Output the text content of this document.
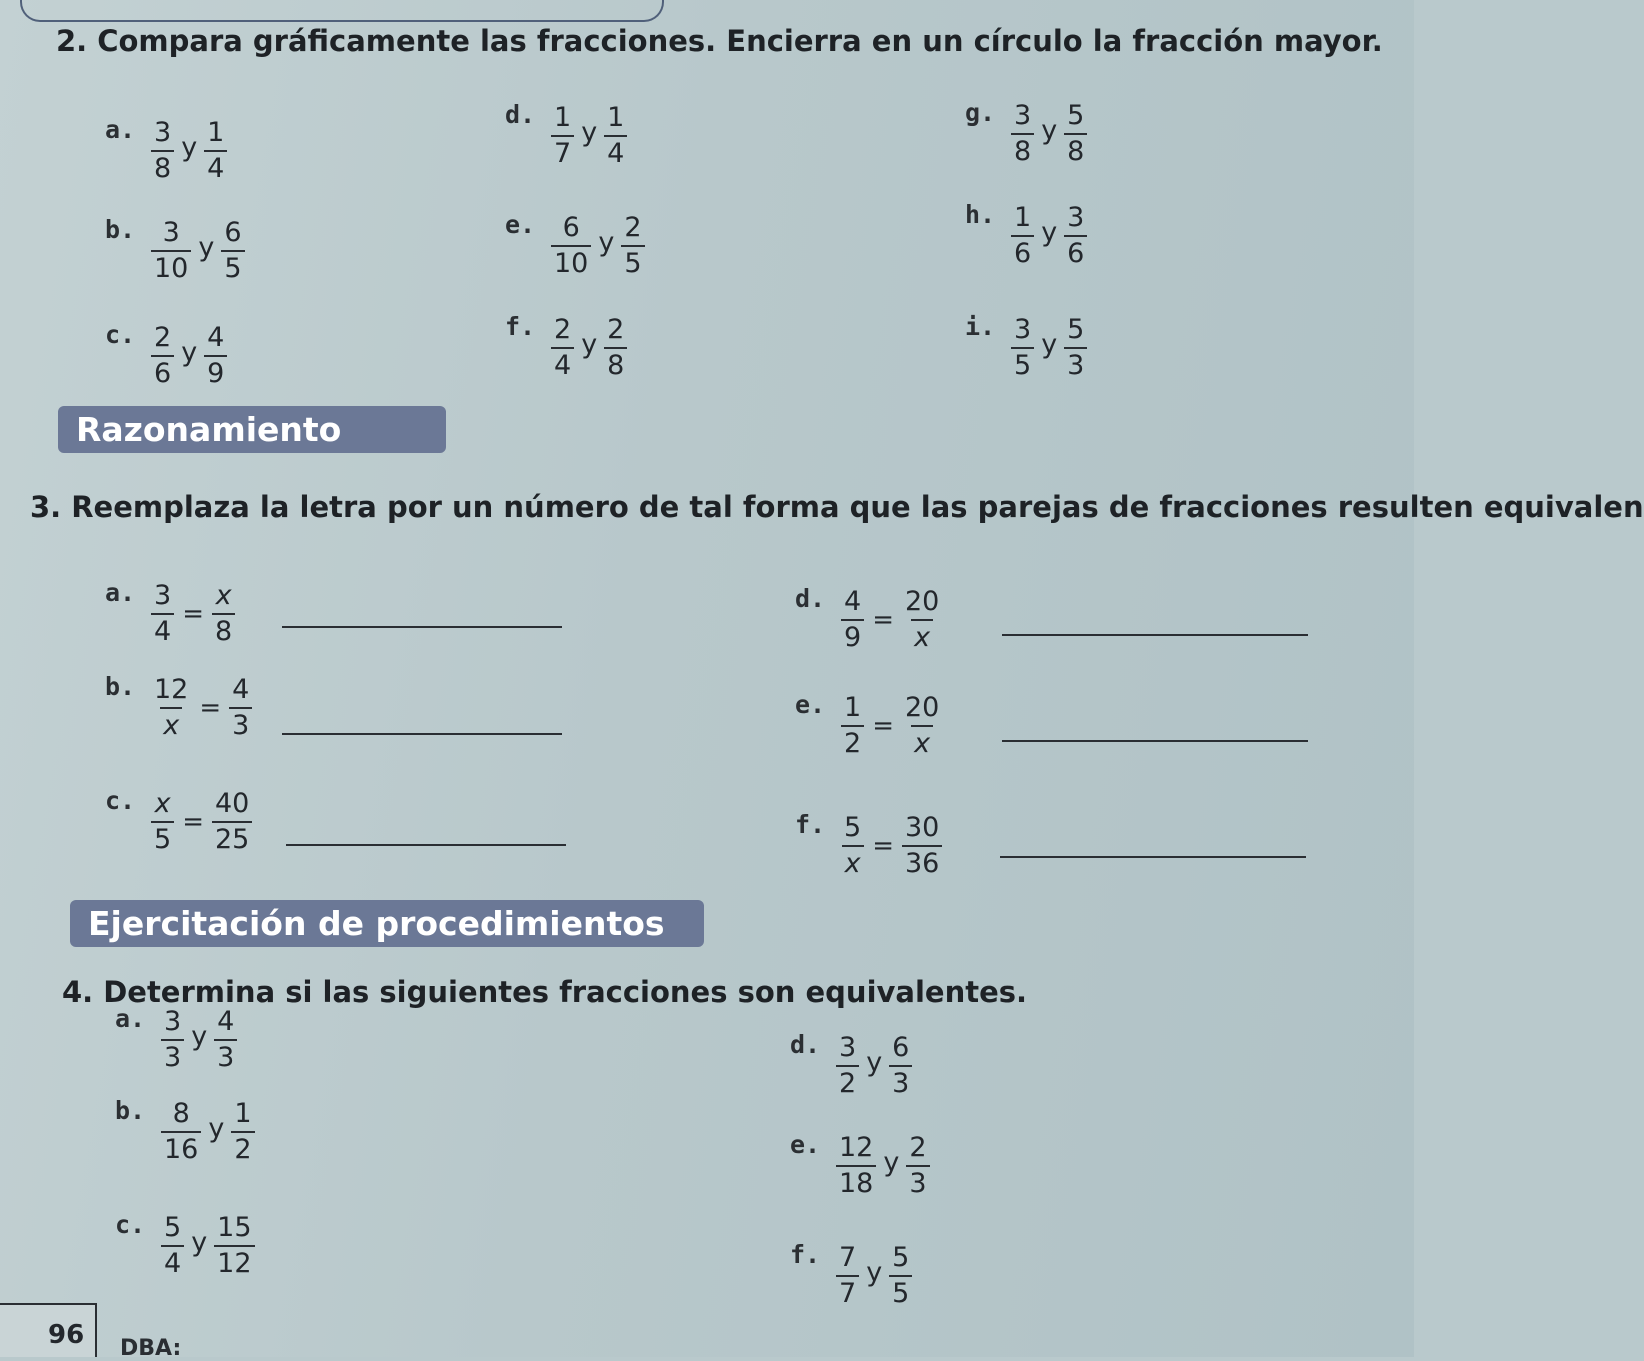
2. Compara gráficamente las fracciones. Encierra en un círculo la fracción mayor.
a. $\frac{3}{8}$ y $\frac{1}{4}$
b. $\frac{3}{10}$ y $\frac{6}{5}$
c. $\frac{2}{6}$ y $\frac{4}{9}$
d. $\frac{1}{7}$ y $\frac{1}{4}$
e. $\frac{6}{10}$ y $\frac{2}{5}$
f. $\frac{2}{4}$ y $\frac{2}{8}$
g. $\frac{3}{8}$ y $\frac{5}{8}$
h. $\frac{1}{6}$ y $\frac{3}{6}$
i. $\frac{3}{5}$ y $\frac{5}{3}$
Razonamiento
3. Reemplaza la letra por un número de tal forma que las parejas de fracciones resulten equivalen
a. $\frac{3}{4} = \frac{x}{8}$
b. $\frac{12}{x} = \frac{4}{3}$
c. $\frac{x}{5} = \frac{40}{25}$
d. $\frac{4}{9} = \frac{20}{x}$
e. $\frac{1}{2} = \frac{20}{x}$
f. $\frac{5}{x} = \frac{30}{36}$
Ejercitación de procedimientos
4. Determina si las siguientes fracciones son equivalentes.
a. $\frac{3}{3}$ y $\frac{4}{3}$
b. $\frac{8}{16}$ y $\frac{1}{2}$
c. $\frac{5}{4}$ y $\frac{15}{12}$
d. $\frac{3}{2}$ y $\frac{6}{3}$
e. $\frac{12}{18}$ y $\frac{2}{3}$
f. $\frac{7}{7}$ y $\frac{5}{5}$
96 DBA:
